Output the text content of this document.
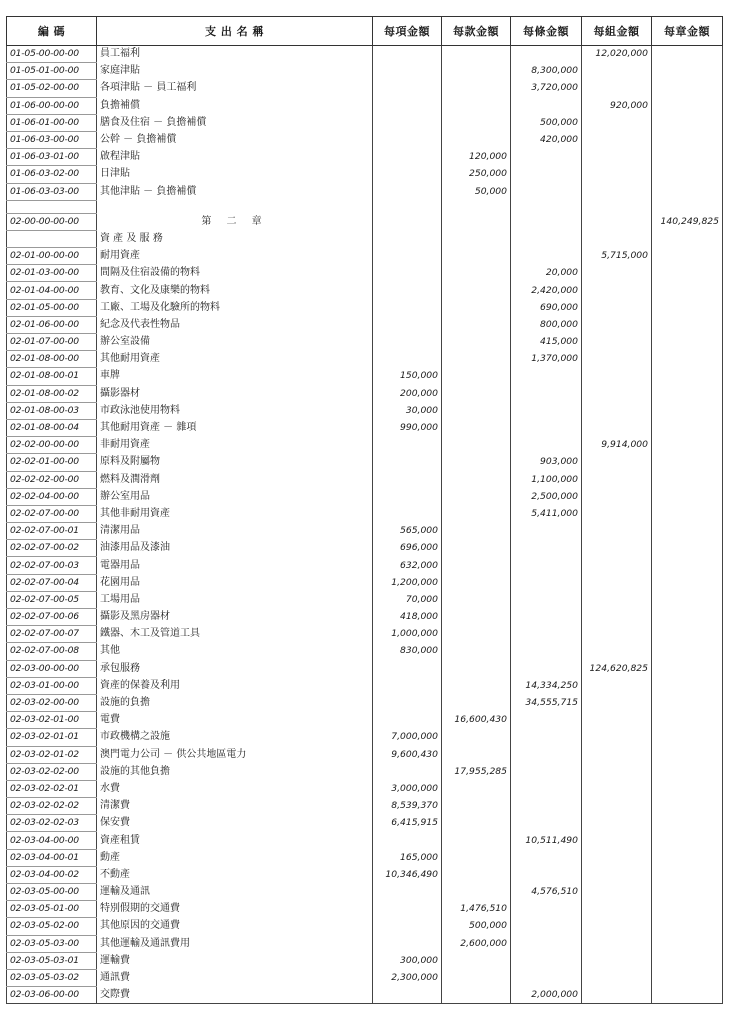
編 碼	支 出 名 稱	每項金額	每款金額	每條金額	每組金額	每章金額
01-05-00-00-00	員工福利				12,020,000	
01-05-01-00-00	家庭津貼			8,300,000		
01-05-02-00-00	各項津貼 － 員工福利			3,720,000		
01-06-00-00-00	負擔補償				920,000	
01-06-01-00-00	膳食及住宿 － 負擔補償			500,000		
01-06-03-00-00	公幹 － 負擔補償			420,000		
01-06-03-01-00	啟程津貼		120,000			
01-06-03-02-00	日津貼		250,000			
01-06-03-03-00	其他津貼 － 負擔補償		50,000			

02-00-00-00-00	第 二 章					140,249,825
	資 產 及 服 務					
02-01-00-00-00	耐用資產				5,715,000	
02-01-03-00-00	間隔及住宿設備的物料			20,000		
02-01-04-00-00	教育、文化及康樂的物料			2,420,000		
02-01-05-00-00	工廠、工場及化驗所的物料			690,000		
02-01-06-00-00	紀念及代表性物品			800,000		
02-01-07-00-00	辦公室設備			415,000		
02-01-08-00-00	其他耐用資產			1,370,000		
02-01-08-00-01	車牌	150,000				
02-01-08-00-02	攝影器材	200,000				
02-01-08-00-03	市政泳池使用物料	30,000				
02-01-08-00-04	其他耐用資產 － 雜項	990,000				
02-02-00-00-00	非耐用資產				9,914,000	
02-02-01-00-00	原料及附屬物			903,000		
02-02-02-00-00	燃料及潤滑劑			1,100,000		
02-02-04-00-00	辦公室用品			2,500,000		
02-02-07-00-00	其他非耐用資產			5,411,000		
02-02-07-00-01	清潔用品	565,000				
02-02-07-00-02	油漆用品及漆油	696,000				
02-02-07-00-03	電器用品	632,000				
02-02-07-00-04	花園用品	1,200,000				
02-02-07-00-05	工場用品	70,000				
02-02-07-00-06	攝影及黑房器材	418,000				
02-02-07-00-07	鐵器、木工及管道工具	1,000,000				
02-02-07-00-08	其他	830,000				
02-03-00-00-00	承包服務				124,620,825	
02-03-01-00-00	資產的保養及利用			14,334,250		
02-03-02-00-00	設施的負擔			34,555,715		
02-03-02-01-00	電費		16,600,430			
02-03-02-01-01	市政機構之設施	7,000,000				
02-03-02-01-02	澳門電力公司 － 供公共地區電力	9,600,430				
02-03-02-02-00	設施的其他負擔		17,955,285			
02-03-02-02-01	水費	3,000,000				
02-03-02-02-02	清潔費	8,539,370				
02-03-02-02-03	保安費	6,415,915				
02-03-04-00-00	資產租賃			10,511,490		
02-03-04-00-01	動產	165,000				
02-03-04-00-02	不動產	10,346,490				
02-03-05-00-00	運輸及通訊			4,576,510		
02-03-05-01-00	特別假期的交通費		1,476,510			
02-03-05-02-00	其他原因的交通費		500,000			
02-03-05-03-00	其他運輸及通訊費用		2,600,000			
02-03-05-03-01	運輸費	300,000				
02-03-05-03-02	通訊費	2,300,000				
02-03-06-00-00	交際費			2,000,000		
